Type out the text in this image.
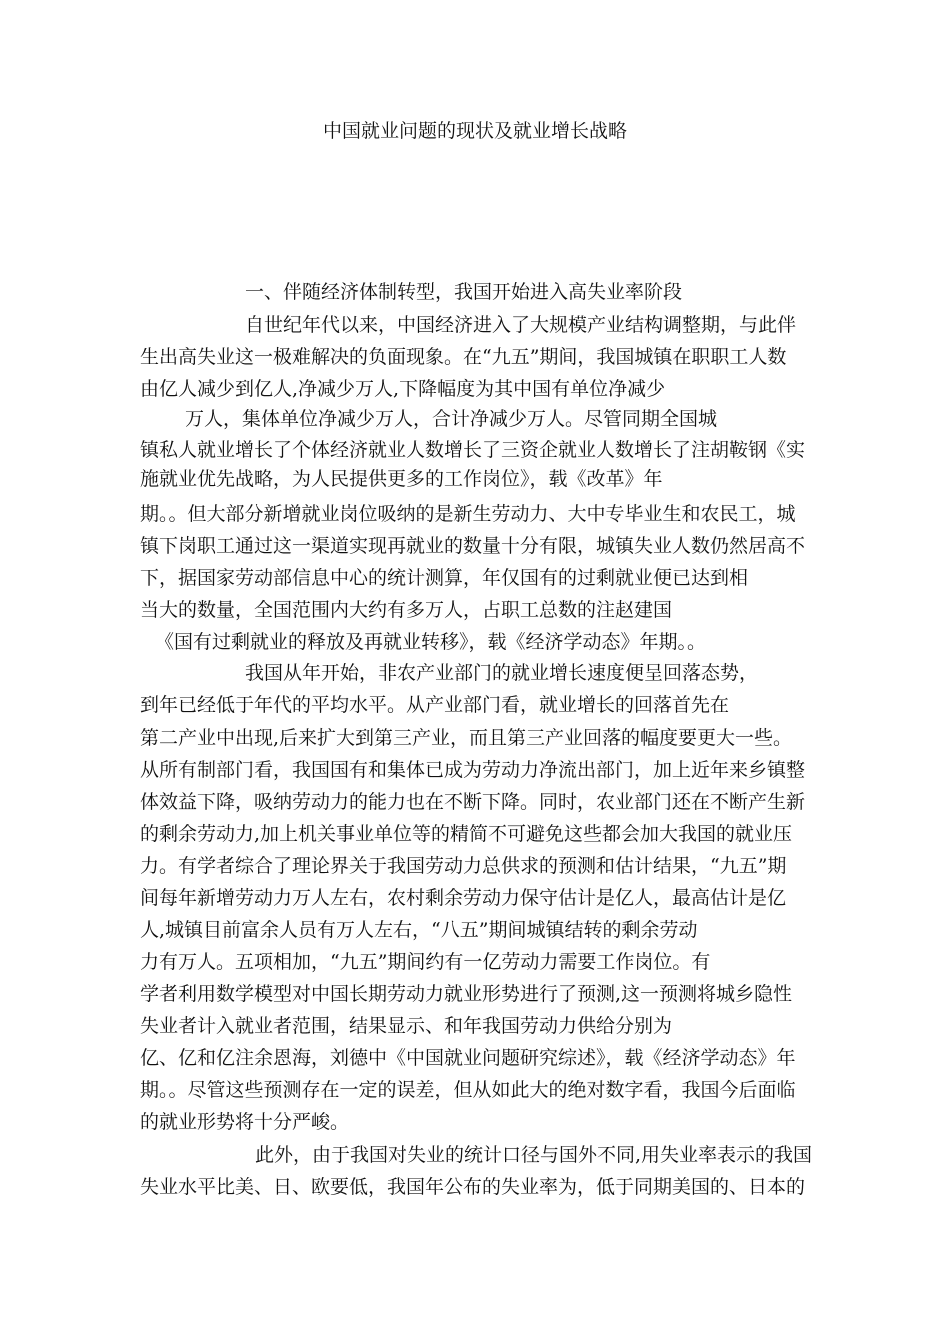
中国就业问题的现状及就业增长战略
一、伴随经济体制转型，我国开始进入高失业率阶段
自世纪年代以来，中国经济进入了大规模产业结构调整期，与此伴
生出高失业这一极难解决的负面现象。在“九五”期间，我国城镇在职职工人数
由亿人减少到亿人,净减少万人,下降幅度为其中国有单位净减少
万人，集体单位净减少万人，合计净减少万人。尽管同期全国城
镇私人就业增长了个体经济就业人数增长了三资企就业人数增长了注胡鞍钢《实
施就业优先战略，为人民提供更多的工作岗位》，载《改革》年
期。。但大部分新增就业岗位吸纳的是新生劳动力、大中专毕业生和农民工，城
镇下岗职工通过这一渠道实现再就业的数量十分有限，城镇失业人数仍然居高不
下，据国家劳动部信息中心的统计测算，年仅国有的过剩就业便已达到相
当大的数量，全国范围内大约有多万人，占职工总数的注赵建国
《国有过剩就业的释放及再就业转移》，载《经济学动态》年期。。
我国从年开始，非农产业部门的就业增长速度便呈回落态势，
到年已经低于年代的平均水平。从产业部门看，就业增长的回落首先在
第二产业中出现,后来扩大到第三产业，而且第三产业回落的幅度要更大一些。
从所有制部门看，我国国有和集体已成为劳动力净流出部门，加上近年来乡镇整
体效益下降，吸纳劳动力的能力也在不断下降。同时，农业部门还在不断产生新
的剩余劳动力,加上机关事业单位等的精简不可避免这些都会加大我国的就业压
力。有学者综合了理论界关于我国劳动力总供求的预测和估计结果，“九五”期
间每年新增劳动力万人左右，农村剩余劳动力保守估计是亿人，最高估计是亿
人,城镇目前富余人员有万人左右，“八五”期间城镇结转的剩余劳动
力有万人。五项相加，“九五”期间约有一亿劳动力需要工作岗位。有
学者利用数学模型对中国长期劳动力就业形势进行了预测,这一预测将城乡隐性
失业者计入就业者范围，结果显示、和年我国劳动力供给分别为
亿、亿和亿注余恩海，刘德中《中国就业问题研究综述》，载《经济学动态》年
期。。尽管这些预测存在一定的误差，但从如此大的绝对数字看，我国今后面临
的就业形势将十分严峻。
此外，由于我国对失业的统计口径与国外不同,用失业率表示的我国
失业水平比美、日、欧要低，我国年公布的失业率为，低于同期美国的、日本的
